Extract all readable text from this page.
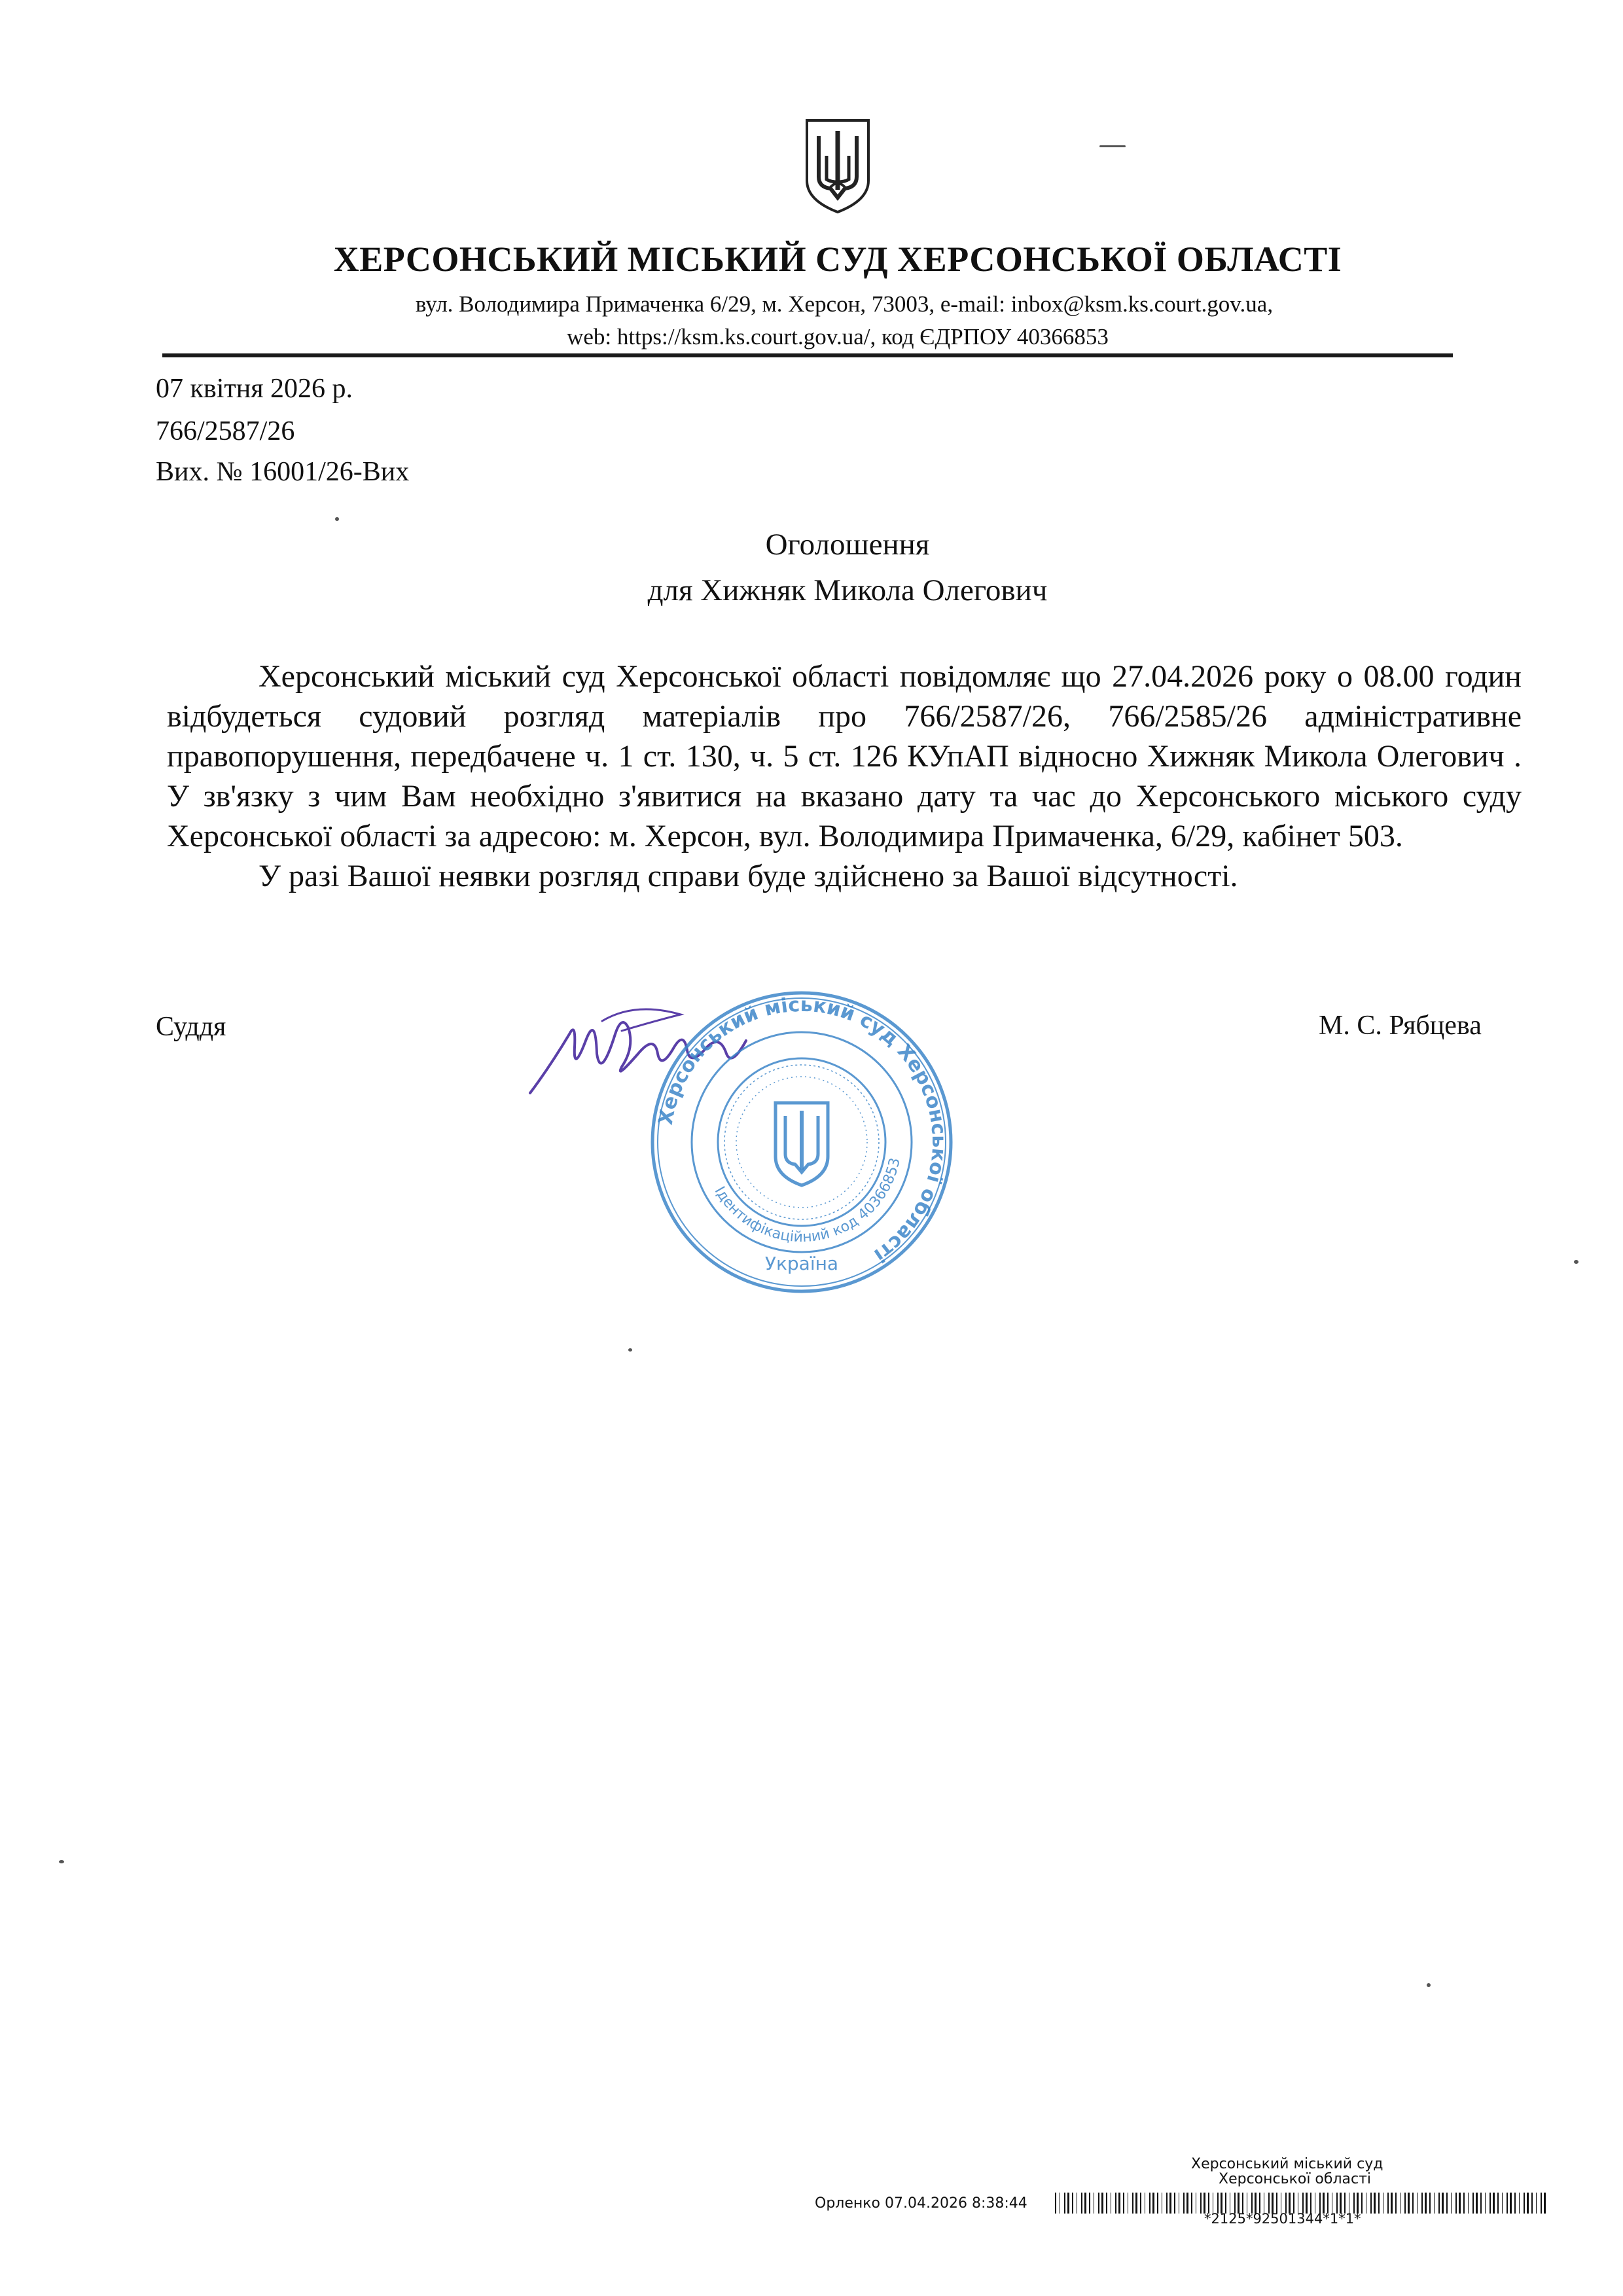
ХЕРСОНСЬКИЙ МІСЬКИЙ СУД ХЕРСОНСЬКОЇ ОБЛАСТІ
вул. Володимира Примаченка 6/29, м. Херсон, 73003, e-mail: inbox@ksm.ks.court.gov.ua,
web: https://ksm.ks.court.gov.ua/, код ЄДРПОУ 40366853
07 квітня 2026 р.
766/2587/26
Вих. № 16001/26-Вих
Оголошення
для Хижняк Микола Олегович

Херсонський міський суд Херсонської області повідомляє що 27.04.2026 року о 08.00 годин відбудеться судовий розгляд матеріалів про 766/2587/26, 766/2585/26 адміністративне правопорушення, передбачене ч. 1 ст. 130, ч. 5 ст. 126 КУпАП відносно Хижняк Микола Олегович . У зв'язку з чим Вам необхідно з'явитися на вказано дату та час до Херсонського міського суду Херсонської області за адресою: м. Херсон, вул. Володимира Примаченка, 6/29, кабінет 503.

У разі Вашої неявки розгляд справи буде здійснено за Вашої відсутності.

Суддя	М. С. Рябцева
Херсонський міський суд Херсонської області
Ідентифікаційний код 40366853
Україна
Херсонський міський суд
Херсонської області
Орленко 07.04.2026 8:38:44
*2125*92501344*1*1*
